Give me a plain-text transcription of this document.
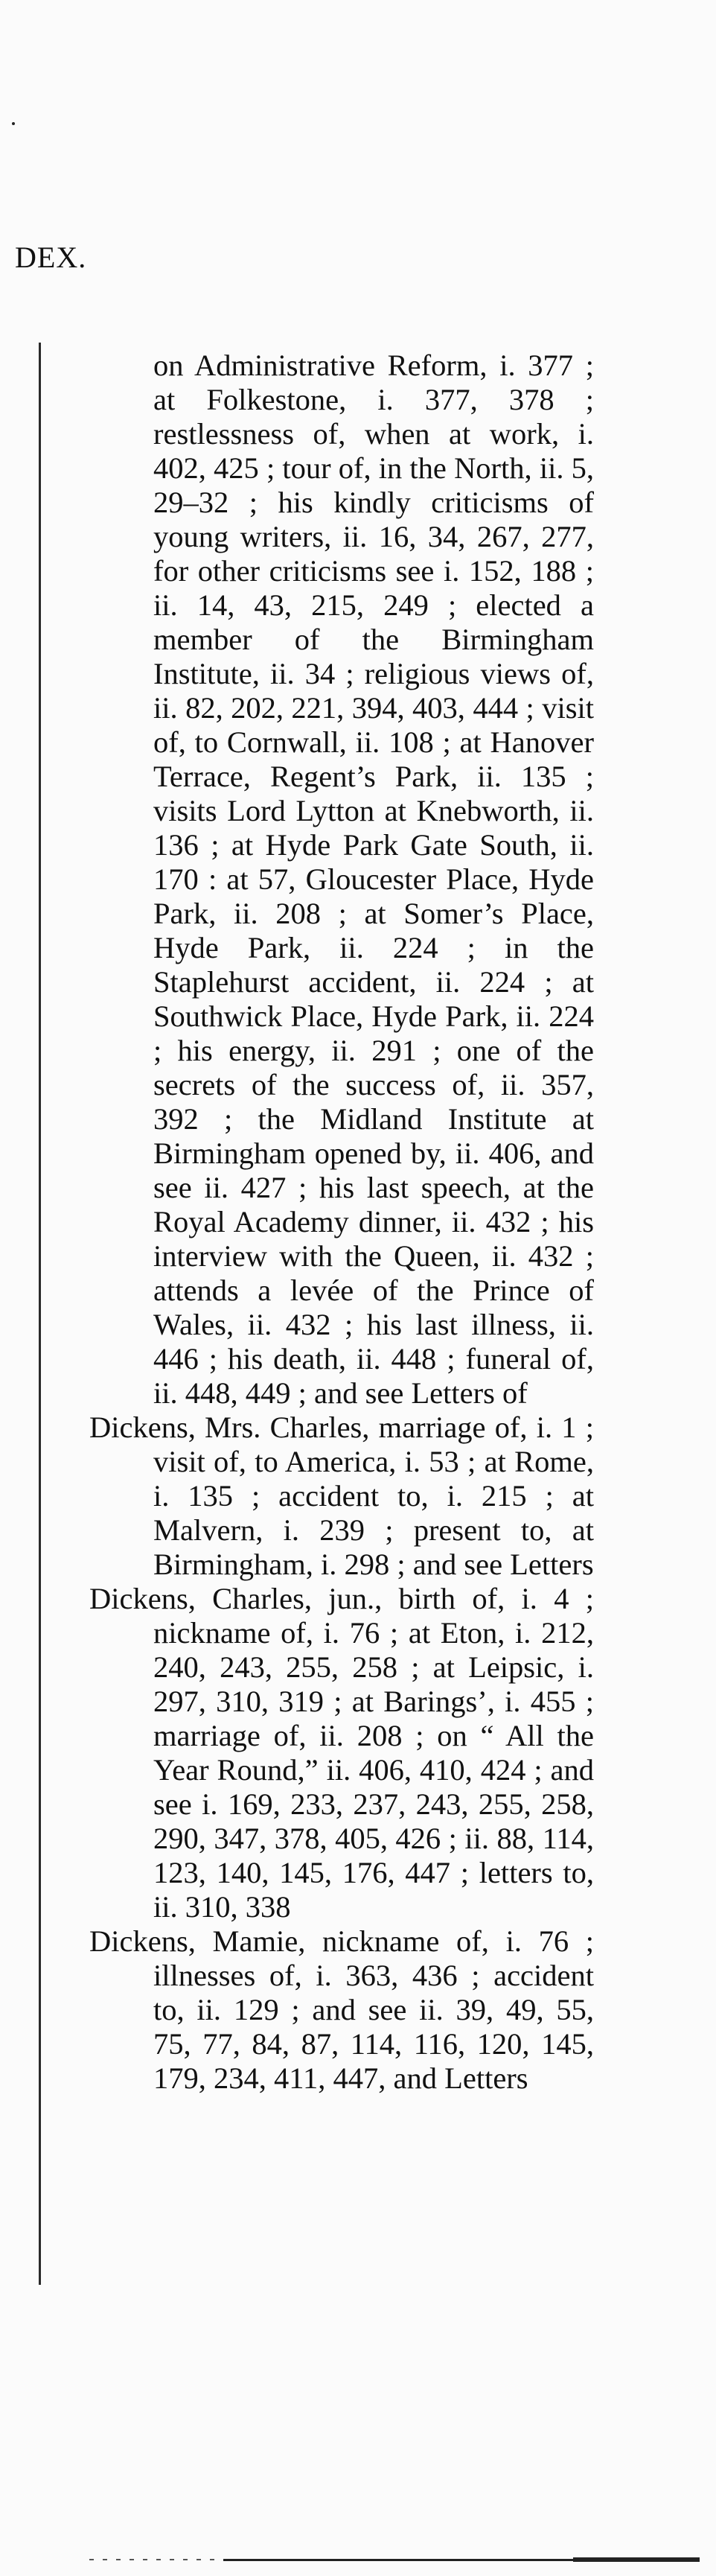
DEX.

on Administrative Reform, i. 377 ; at Folkestone, i. 377, 378 ; restlessness of, when at work, i. 402, 425 ; tour of, in the North, ii. 5, 29–32 ; his kindly criticisms of young writers, ii. 16, 34, 267, 277, for other criticisms see i. 152, 188 ; ii. 14, 43, 215, 249 ; elected a member of the Birmingham Institute, ii. 34 ; religious views of, ii. 82, 202, 221, 394, 403, 444 ; visit of, to Cornwall, ii. 108 ; at Hanover Terrace, Regent’s Park, ii. 135 ; visits Lord Lytton at Knebworth, ii. 136 ; at Hyde Park Gate South, ii. 170 : at 57, Gloucester Place, Hyde Park, ii. 208 ; at Somer’s Place, Hyde Park, ii. 224 ; in the Staplehurst accident, ii. 224 ; at Southwick Place, Hyde Park, ii. 224 ; his energy, ii. 291 ; one of the secrets of the success of, ii. 357, 392 ; the Midland Institute at Birmingham opened by, ii. 406, and see ii. 427 ; his last speech, at the Royal Academy dinner, ii. 432 ; his interview with the Queen, ii. 432 ; attends a levée of the Prince of Wales, ii. 432 ; his last illness, ii. 446 ; his death, ii. 448 ; funeral of, ii. 448, 449 ; and see Letters of

Dickens, Mrs. Charles, marriage of, i. 1 ; visit of, to America, i. 53 ; at Rome, i. 135 ; accident to, i. 215 ; at Malvern, i. 239 ; present to, at Birmingham, i. 298 ; and see Letters

Dickens, Charles, jun., birth of, i. 4 ; nickname of, i. 76 ; at Eton, i. 212, 240, 243, 255, 258 ; at Leipsic, i. 297, 310, 319 ; at Barings’, i. 455 ; marriage of, ii. 208 ; on “ All the Year Round,” ii. 406, 410, 424 ; and see i. 169, 233, 237, 243, 255, 258, 290, 347, 378, 405, 426 ; ii. 88, 114, 123, 140, 145, 176, 447 ; letters to, ii. 310, 338

Dickens, Mamie, nickname of, i. 76 ; illnesses of, i. 363, 436 ; accident to, ii. 129 ; and see ii. 39, 49, 55, 75, 77, 84, 87, 114, 116, 120, 145, 179, 234, 411, 447, and Letters
